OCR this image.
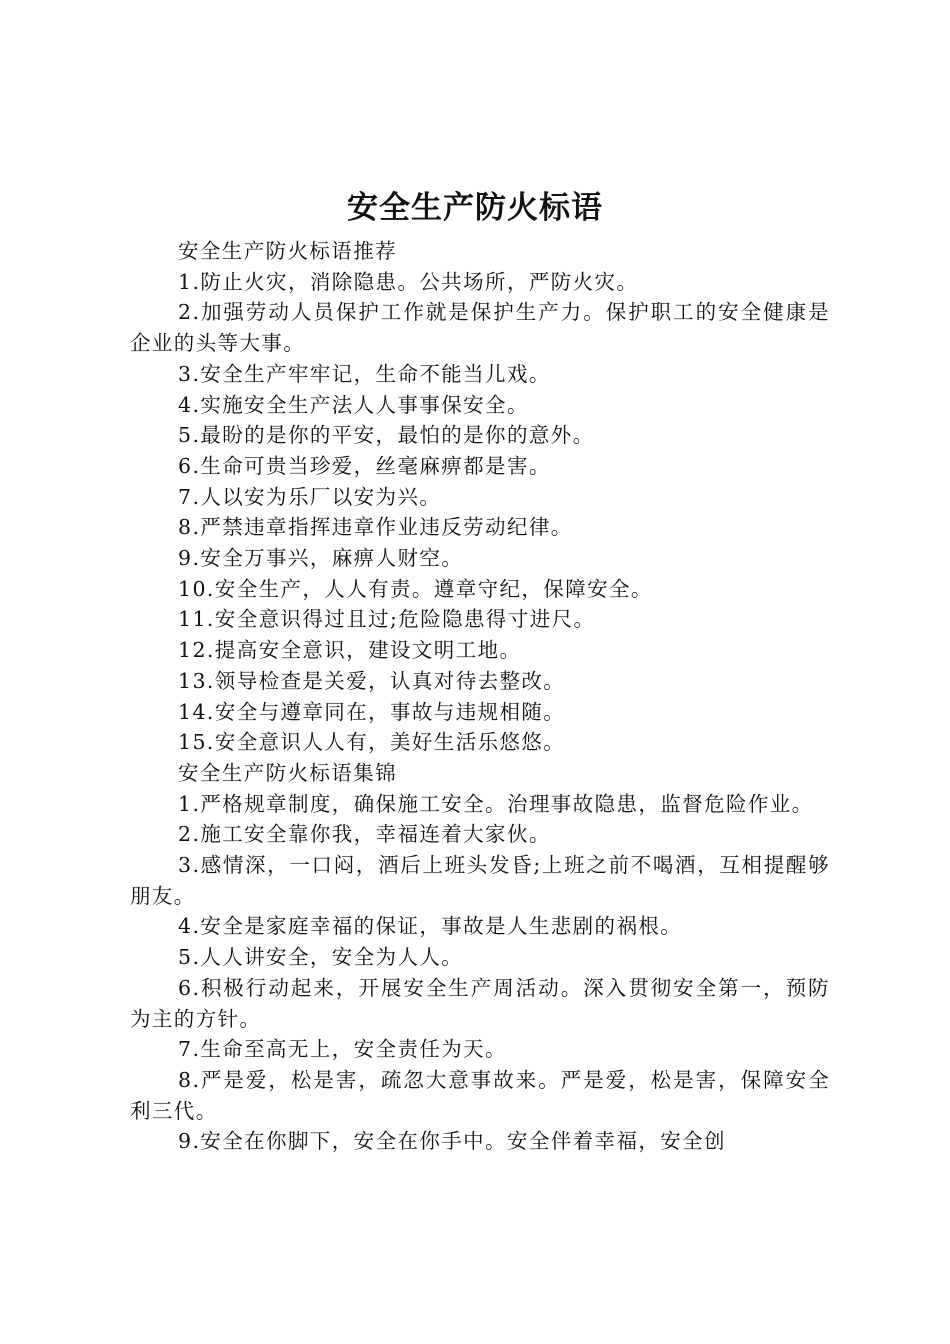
安全生产防火标语

安全生产防火标语推荐

1.防止火灾，消除隐患。公共场所，严防火灾。

2.加强劳动人员保护工作就是保护生产力。保护职工的安全健康是企业的头等大事。

3.安全生产牢牢记，生命不能当儿戏。

4.实施安全生产法人人事事保安全。

5.最盼的是你的平安，最怕的是你的意外。

6.生命可贵当珍爱，丝毫麻痹都是害。

7.人以安为乐厂以安为兴。

8.严禁违章指挥违章作业违反劳动纪律。

9.安全万事兴，麻痹人财空。

10.安全生产，人人有责。遵章守纪，保障安全。

11.安全意识得过且过;危险隐患得寸进尺。

12.提高安全意识，建设文明工地。

13.领导检查是关爱，认真对待去整改。

14.安全与遵章同在，事故与违规相随。

15.安全意识人人有，美好生活乐悠悠。

安全生产防火标语集锦

1.严格规章制度，确保施工安全。治理事故隐患，监督危险作业。

2.施工安全靠你我，幸福连着大家伙。

3.感情深，一口闷，酒后上班头发昏;上班之前不喝酒，互相提醒够朋友。

4.安全是家庭幸福的保证，事故是人生悲剧的祸根。

5.人人讲安全，安全为人人。

6.积极行动起来，开展安全生产周活动。深入贯彻安全第一，预防为主的方针。

7.生命至高无上，安全责任为天。

8.严是爱，松是害，疏忽大意事故来。严是爱，松是害，保障安全利三代。

9.安全在你脚下，安全在你手中。安全伴着幸福，安全创
